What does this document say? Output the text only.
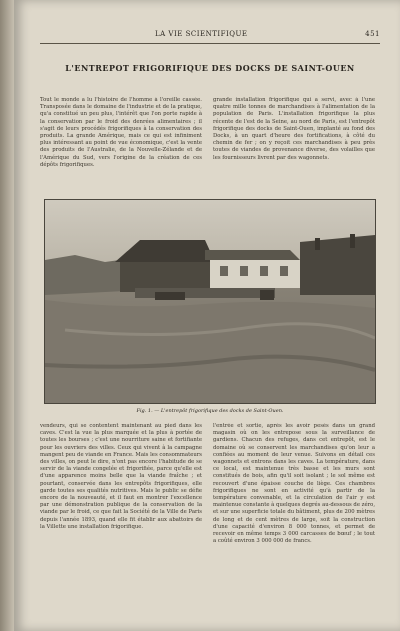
LA VIE SCIENTIFIQUE	451
L'ENTREPOT FRIGORIFIQUE DES DOCKS DE SAINT-OUEN
Tout le monde a lu l'histoire de l'homme à l'oreille cassée. Transposée dans le domaine de l'industrie et de la pratique, qu'a constitué un peu plus, l'intérêt que l'on porte rapide à la conservation par le froid des denrées alimentaires ; il s'agit de leurs procédés frigorifiques à la conservation des produits. La grande Amérique, mais ce qui est infiniment plus intéressant au point de vue économique, c'est la vente des produits de l'Australie, de la Nouvelle-Zélande et de l'Amérique du Sud, vers l'origine de la création de ces dépôts frigorifiques.
grande installation frigorifique qui a servi, avec à l'une quatre mille tonnes de marchandises à l'alimentation de la population de Paris. L'installation frigorifique la plus récente de l'est de la Seine, au nord de Paris, est l'entrepôt frigorifique des docks de Saint-Ouen, implanté au fond des Docks, à un quart d'heure des fortifications, à côté du chemin de fer ; on y reçoit ces marchandises à peu près toutes de viandes de provenance diverse, des volailles que les fournisseurs livrent par des wagonnets.
Fig. 1. — L'entrepôt frigorifique des docks de Saint-Ouen.
vendeurs, qui se contentent maintenant au pied dans les caves. C'est la vue la plus marquée et la plus à portée de toutes les bourses ; c'est une nourriture saine et fortifiante pour les ouvriers des villes. Ceux qui vivent à la campagne mangent peu de viande en France. Mais les consommateurs des villes, on peut le dire, n'ont pas encore l'habitude de se servir de la viande congelée et frigorifiée, parce qu'elle est d'une apparence moins belle que la viande fraîche ; et pourtant, conservée dans les entrepôts frigorifiques, elle garde toutes ses qualités nutritives. Mais le public se défie encore de la nouveauté, et il faut en montrer l'excellence par une démonstration publique de la conservation de la viande par le froid, ce que fait la Société de la Ville de Paris depuis l'année 1893, quand elle fit établir aux abattoirs de la Villette une installation frigorifique.
l'entrée et sortie, après les avoir pesés dans un grand magasin où on les entrepose sous la surveillance de gardiens. Chacun des refuges, dans cet entrepôt, est le domaine où se conservent les marchandises qu'on leur a confiées au moment de leur venue. Suivons en détail ces wagonnets et entrons dans les caves. La température, dans ce local, est maintenue très basse et les murs sont constitués de bois, afin qu'il soit isolant ; le sol même est recouvert d'une épaisse couche de liège. Ces chambres frigorifiques ne sont en activité qu'à partir de la température convenable, et la circulation de l'air y est maintenue constante à quelques degrés au-dessous de zéro, et sur une superficie totale du bâtiment, plus de 200 mètres de long et de cent mètres de large, soit la construction d'une capacité d'environ 8 000 tonnes, et permet de recevoir en même temps 3 000 carcasses de bœuf ; le tout a coûté environ 3 000 000 de francs.
